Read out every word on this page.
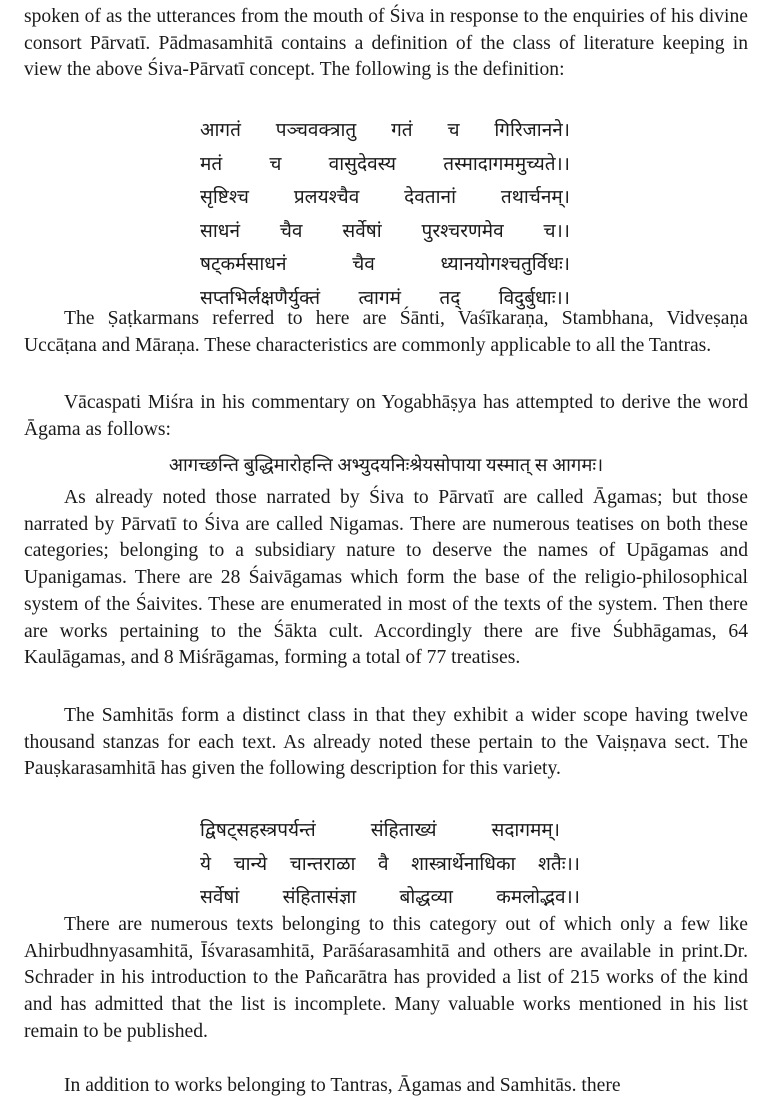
spoken of as the utterances from the mouth of Śiva in response to the enquiries of his divine consort Pārvatī. Pādmasamhitā contains a definition of the class of literature keeping in view the above Śiva-Pārvatī concept. The following is the definition:

आगतं पञ्चवक्त्रातु गतं च गिरिजानने।
मतं च वासुदेवस्य तस्मादागममुच्यते।।
सृष्टिश्च प्रलयश्चैव देवतानां तथार्चनम्।
साधनं चैव सर्वेषां पुरश्चरणमेव च।।
षट्कर्मसाधनं	चैव	ध्यानयोगश्चतुर्विधः।
सप्तभिर्लक्षणैर्युक्तं त्वागमं तद् विदुर्बुधाः।।

The Ṣaṭkarmans referred to here are Śānti, Vaśīkaraṇa, Stambhana, Vidveṣaṇa Uccāṭana and Māraṇa. These characteristics are commonly applicable to all the Tantras.

Vācaspati Miśra in his commentary on Yogabhāṣya has attempted to derive the word Āgama as follows:

आगच्छन्ति बुद्धिमारोहन्ति अभ्युदयनिःश्रेयसोपाया यस्मात् स आगमः।

As already noted those narrated by Śiva to Pārvatī are called Āgamas; but those narrated by Pārvatī to Śiva are called Nigamas. There are numerous teatises on both these categories; belonging to a subsidiary nature to deserve the names of Upāgamas and Upanigamas. There are 28 Śaivāgamas which form the base of the religio-philosophical system of the Śaivites. These are enumerated in most of the texts of the system. Then there are works pertaining to the Śākta cult. Accordingly there are five Śubhāgamas, 64 Kaulāgamas, and 8 Miśrāgamas, forming a total of 77 treatises.

The Samhitās form a distinct class in that they exhibit a wider scope having twelve thousand stanzas for each text. As already noted these pertain to the Vaiṣṇava sect. The Pauṣkarasamhitā has given the following description for this variety.

द्विषट्सहस्त्रपर्यन्तं	संहिताख्यं	सदागमम्।
ये चान्ये चान्तराळा वै शास्त्रार्थेनाधिका शतैः।।
सर्वेषां संहितासंज्ञा बोद्धव्या कमलोद्भव।।

There are numerous texts belonging to this category out of which only a few like Ahirbudhnyasamhitā, Īśvarasamhitā, Parāśarasamhitā and others are available in print.Dr. Schrader in his introduction to the Pañcarātra has provided a list of 215 works of the kind and has admitted that the list is incomplete. Many valuable works mentioned in his list remain to be published.

In addition to works belonging to Tantras, Āgamas and Samhitās. there
